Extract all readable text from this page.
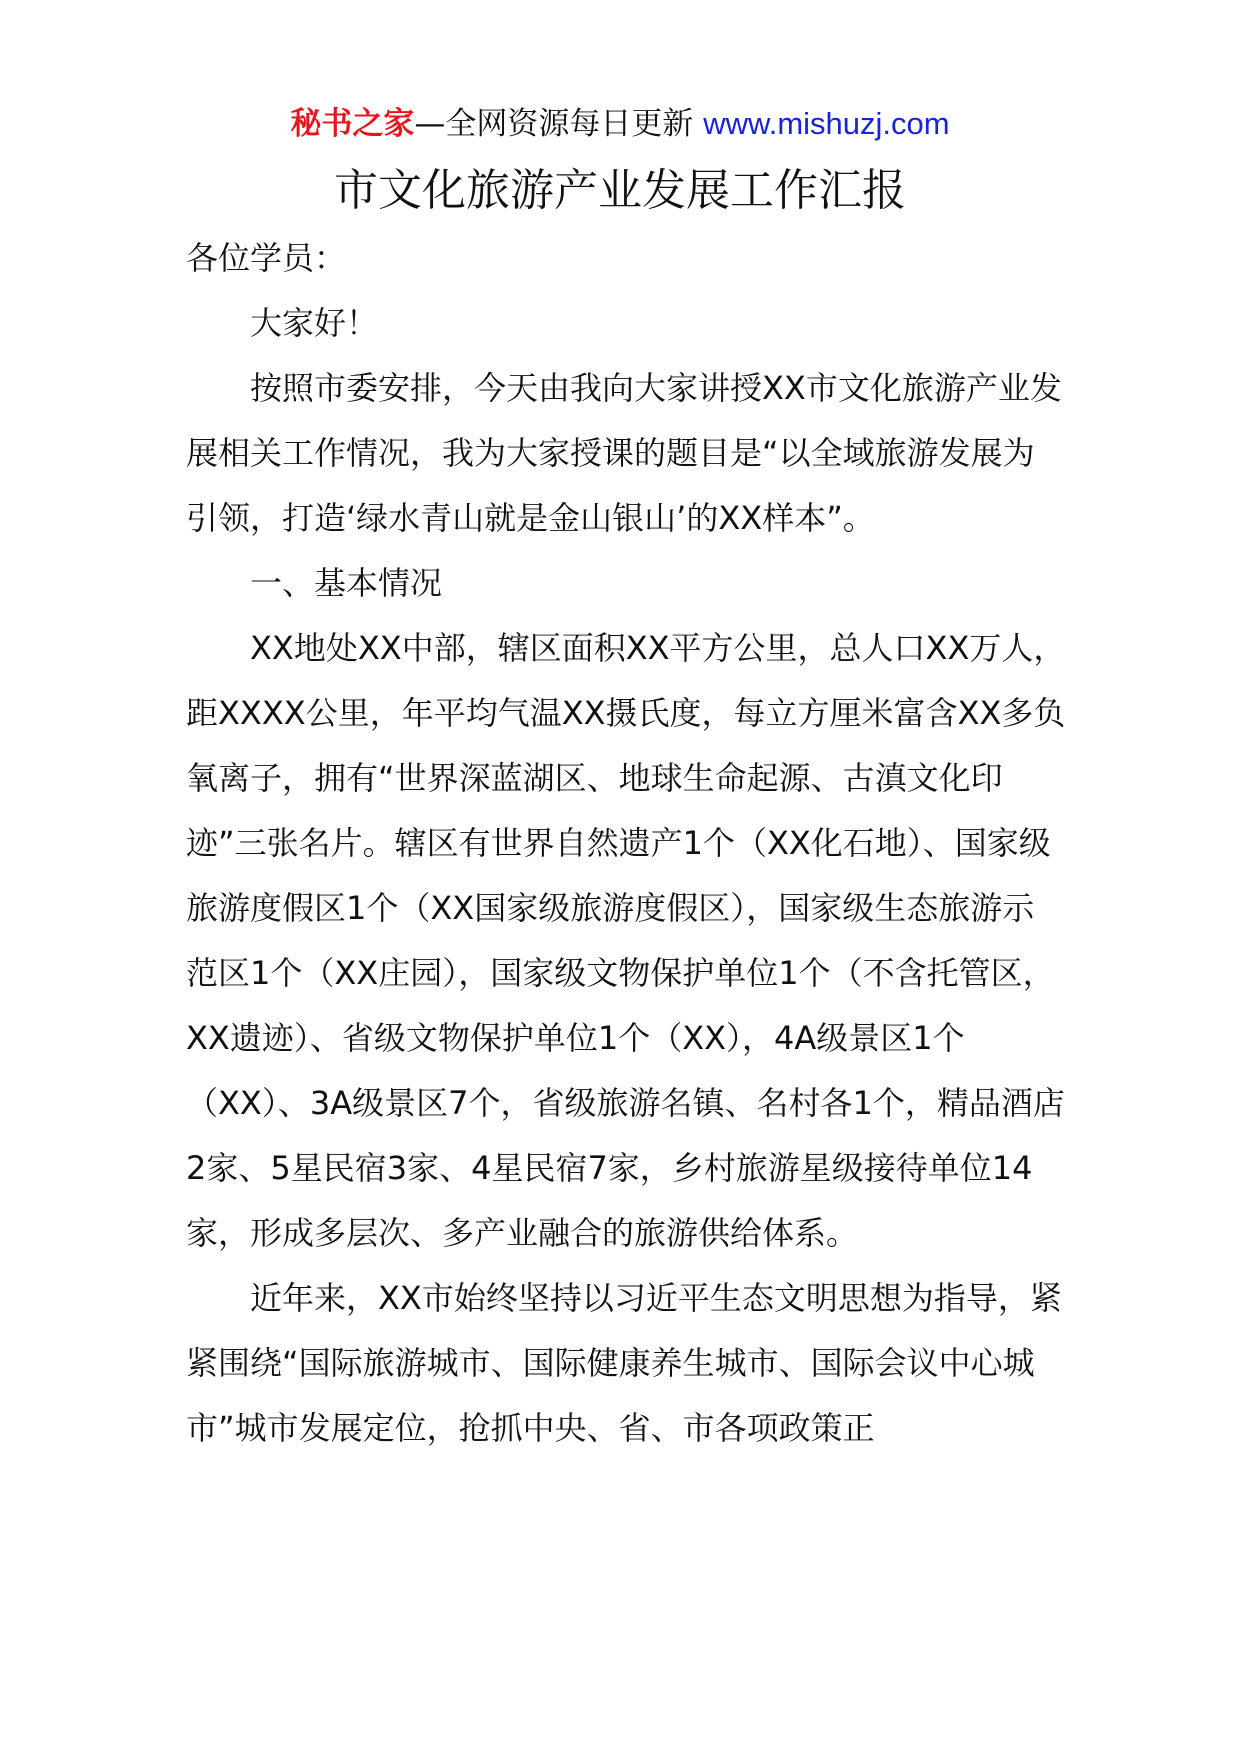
秘书之家—全网资源每日更新 www.mishuzj.com
市文化旅游产业发展工作汇报

各位学员：

大家好！

按照市委安排，今天由我向大家讲授XX市文化旅游产业发展相关工作情况，我为大家授课的题目是“以全域旅游发展为引领，打造‘绿水青山就是金山银山’的XX样本”。

一、基本情况

XX地处XX中部，辖区面积XX平方公里，总人口XX万人，距XXXX公里，年平均气温XX摄氏度，每立方厘米富含XX多负氧离子，拥有“世界深蓝湖区、地球生命起源、古滇文化印迹”三张名片。辖区有世界自然遗产1个（XX化石地）、国家级旅游度假区1个（XX国家级旅游度假区），国家级生态旅游示范区1个（XX庄园），国家级文物保护单位1个（不含托管区，XX遗迹）、省级文物保护单位1个（XX），4A级景区1个（XX）、3A级景区7个，省级旅游名镇、名村各1个，精品酒店2家、5星民宿3家、4星民宿7家，乡村旅游星级接待单位14家，形成多层次、多产业融合的旅游供给体系。

近年来，XX市始终坚持以习近平生态文明思想为指导，紧紧围绕“国际旅游城市、国际健康养生城市、国际会议中心城市”城市发展定位，抢抓中央、省、市各项政策正
